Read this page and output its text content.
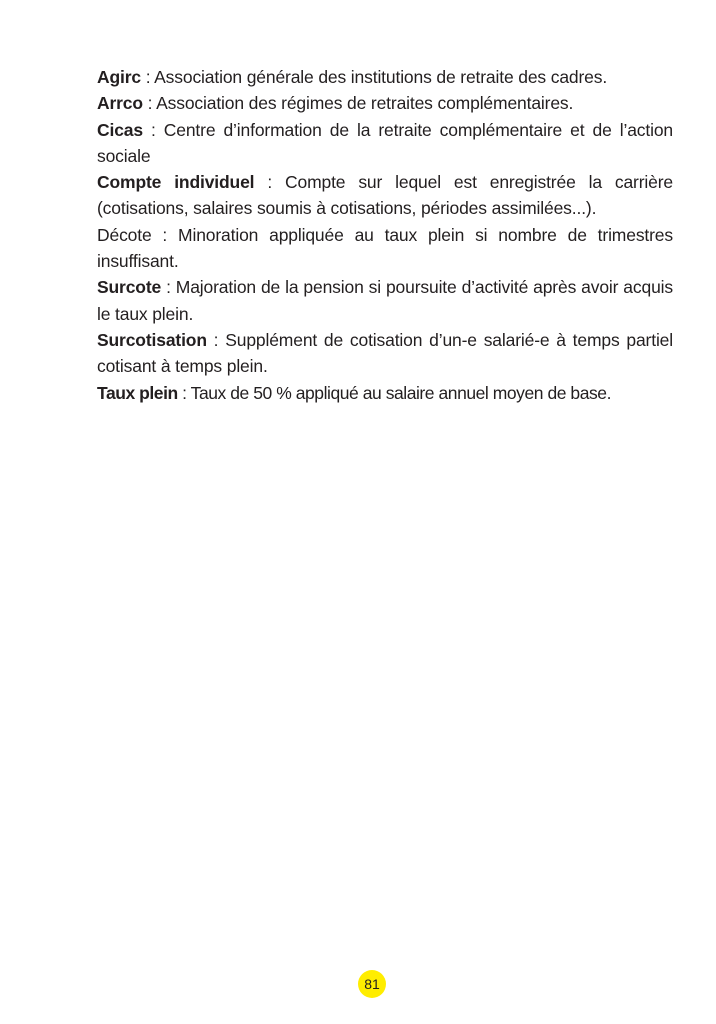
Agirc : Association générale des institutions de retraite des cadres.

Arrco : Association des régimes de retraites complémentaires.

Cicas : Centre d’information de la retraite complémentaire et de l’action sociale

Compte individuel : Compte sur lequel est enregistrée la carrière (cotisations, salaires soumis à cotisations, périodes assimilées...).

Décote : Minoration appliquée au taux plein si nombre de trimestres insuffisant.

Surcote : Majoration de la pension si poursuite d’activité après avoir acquis le taux plein.

Surcotisation : Supplément de cotisation d’un-e salarié-e à temps partiel cotisant à temps plein.

Taux plein : Taux de 50 % appliqué au salaire annuel moyen de base.

81
